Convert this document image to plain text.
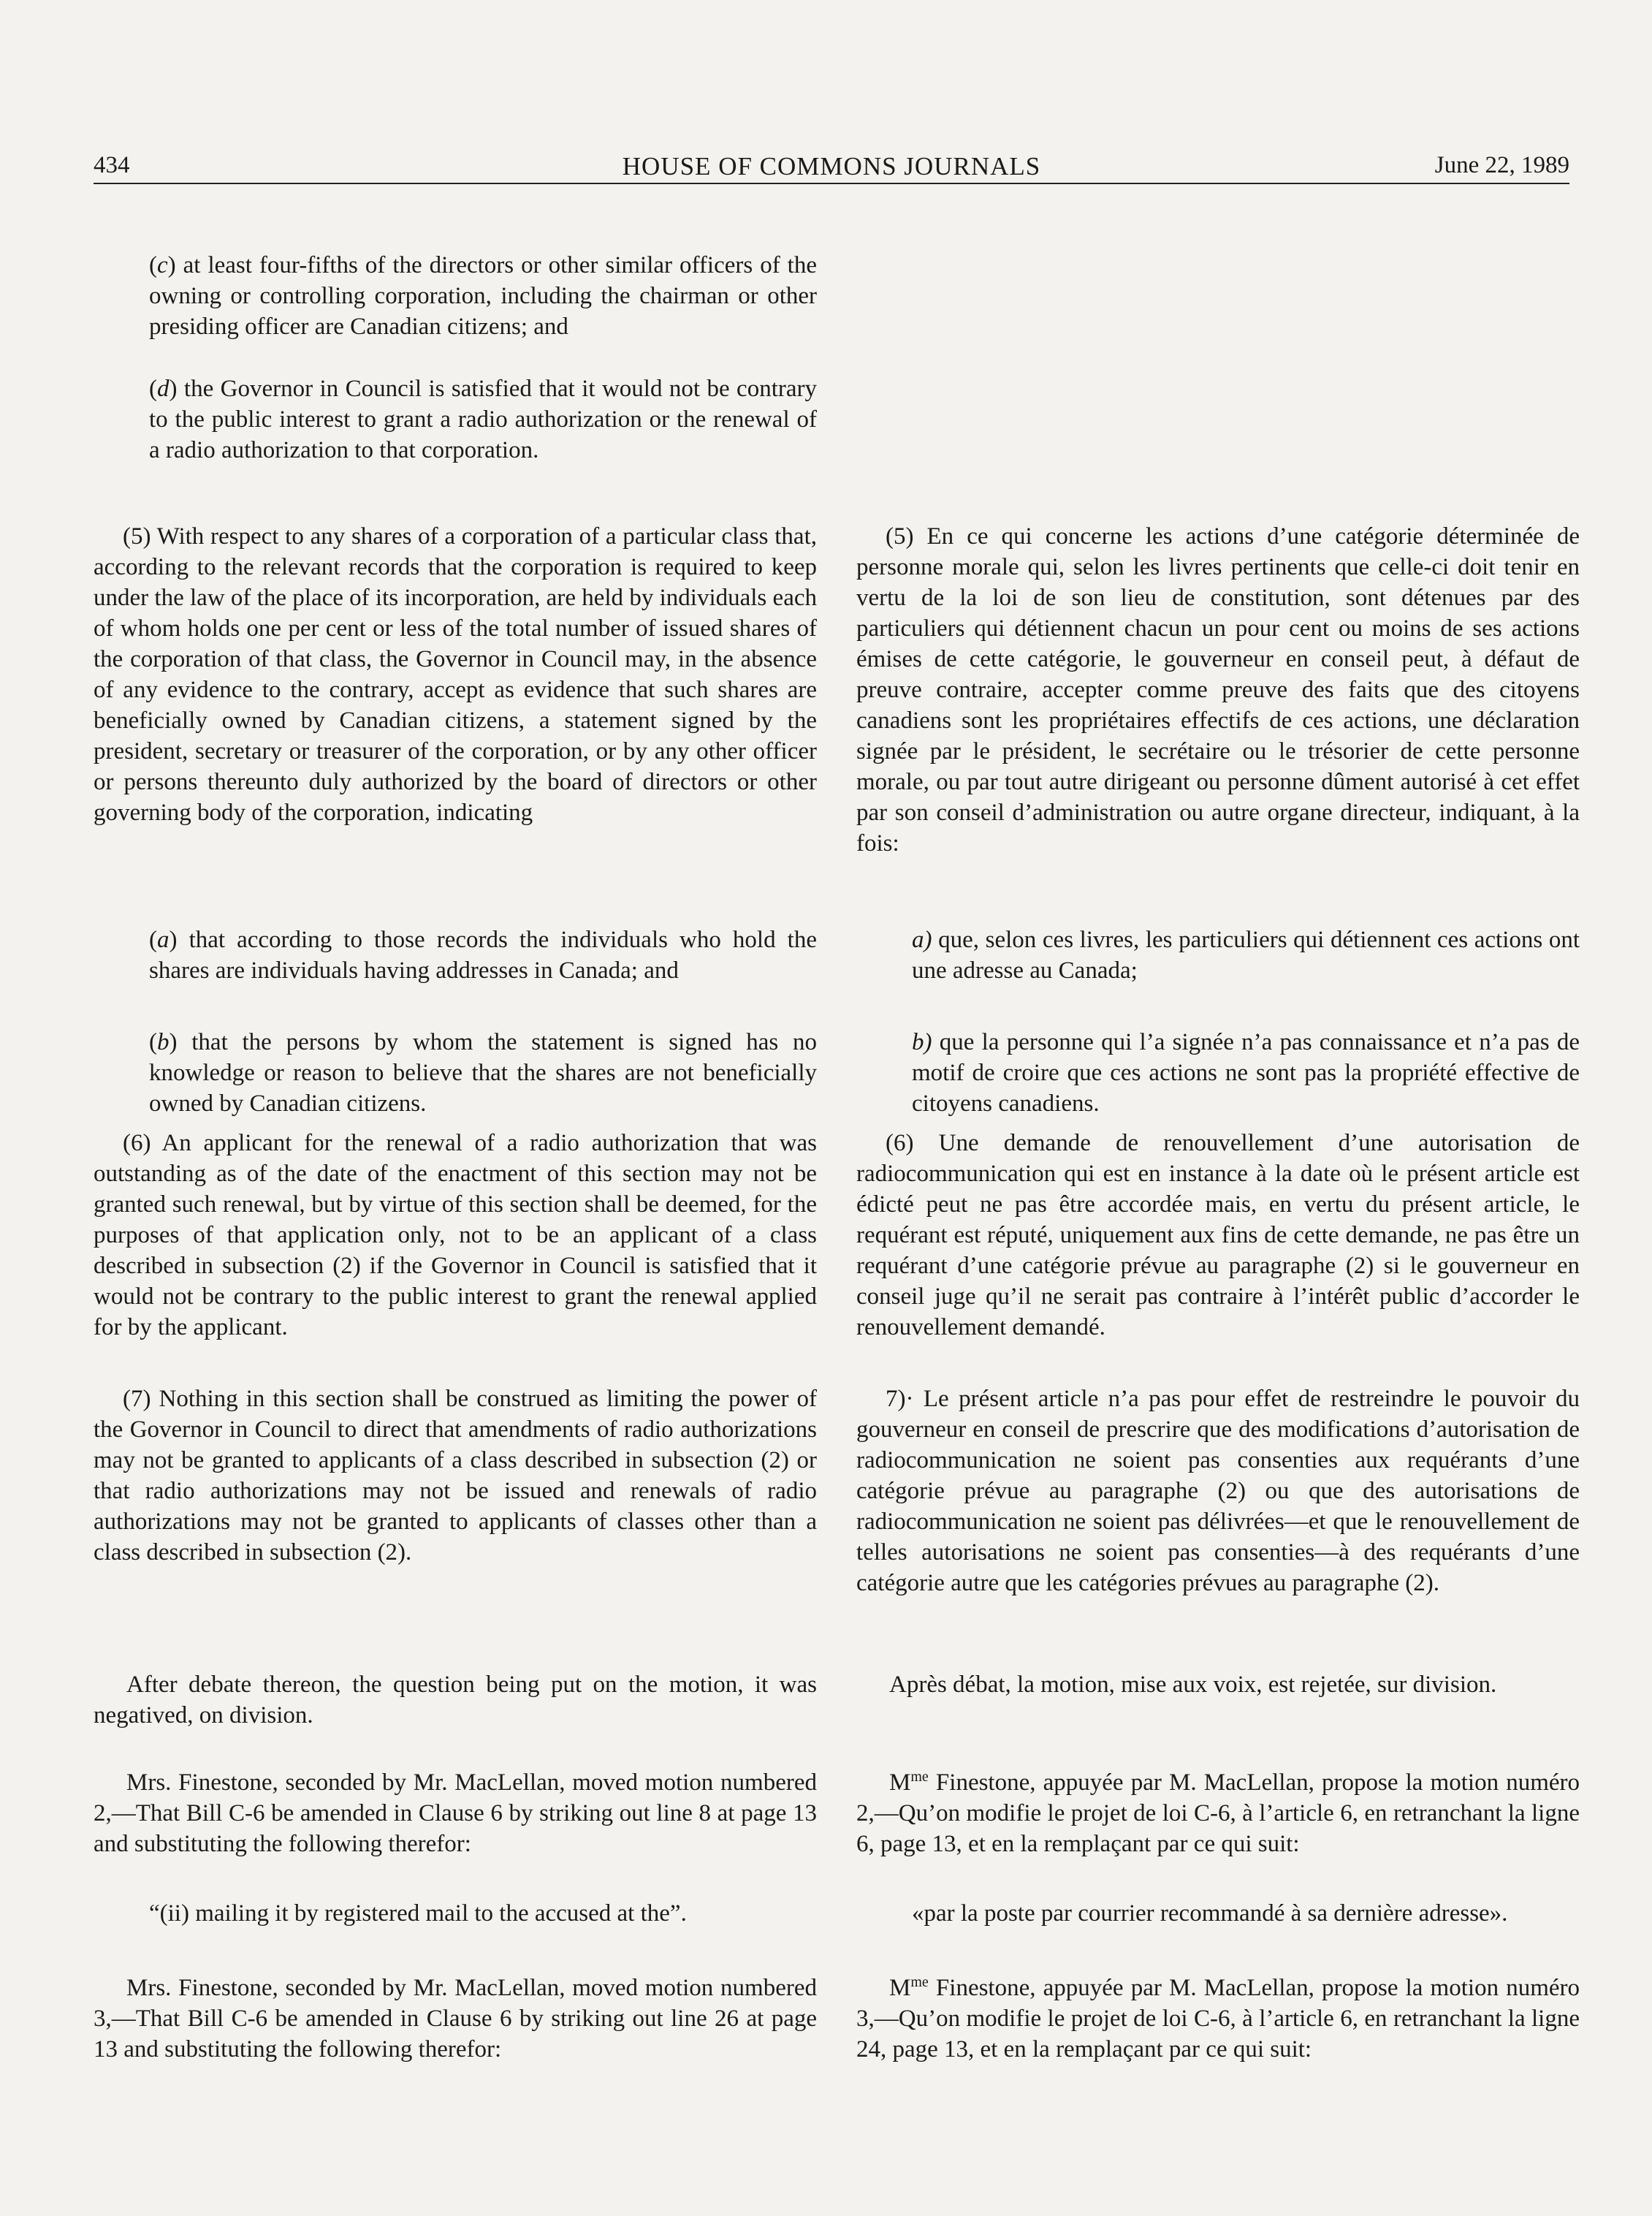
434	HOUSE OF COMMONS JOURNALS	June 22, 1989

(c) at least four-fifths of the directors or other similar officers of the owning or controlling corporation, including the chairman or other presiding officer are Canadian citizens; and

(d) the Governor in Council is satisfied that it would not be contrary to the public interest to grant a radio authorization or the renewal of a radio authorization to that corporation.

(5) With respect to any shares of a corporation of a particular class that, according to the relevant records that the corporation is required to keep under the law of the place of its incorporation, are held by individuals each of whom holds one per cent or less of the total number of issued shares of the corporation of that class, the Governor in Council may, in the absence of any evidence to the contrary, accept as evidence that such shares are beneficially owned by Canadian citizens, a statement signed by the president, secretary or treasurer of the corporation, or by any other officer or persons thereunto duly authorized by the board of directors or other governing body of the corporation, indicating

(a) that according to those records the individuals who hold the shares are individuals having addresses in Canada; and

(b) that the persons by whom the statement is signed has no knowledge or reason to believe that the shares are not beneficially owned by Canadian citizens.

(6) An applicant for the renewal of a radio authorization that was outstanding as of the date of the enactment of this section may not be granted such renewal, but by virtue of this section shall be deemed, for the purposes of that application only, not to be an applicant of a class described in subsection (2) if the Governor in Council is satisfied that it would not be contrary to the public interest to grant the renewal applied for by the applicant.

(7) Nothing in this section shall be construed as limiting the power of the Governor in Council to direct that amendments of radio authorizations may not be granted to applicants of a class described in subsection (2) or that radio authorizations may not be issued and renewals of radio authorizations may not be granted to applicants of classes other than a class described in subsection (2).

After debate thereon, the question being put on the motion, it was negatived, on division.

Mrs. Finestone, seconded by Mr. MacLellan, moved motion numbered 2,—That Bill C-6 be amended in Clause 6 by striking out line 8 at page 13 and substituting the following therefor:

“(ii) mailing it by registered mail to the accused at the”.

Mrs. Finestone, seconded by Mr. MacLellan, moved motion numbered 3,—That Bill C-6 be amended in Clause 6 by striking out line 26 at page 13 and substituting the following therefor:

(5) En ce qui concerne les actions d’une catégorie déterminée de personne morale qui, selon les livres pertinents que celle-ci doit tenir en vertu de la loi de son lieu de constitution, sont détenues par des particuliers qui détiennent chacun un pour cent ou moins de ses actions émises de cette catégorie, le gouverneur en conseil peut, à défaut de preuve contraire, accepter comme preuve des faits que des citoyens canadiens sont les propriétaires effectifs de ces actions, une déclaration signée par le président, le secrétaire ou le trésorier de cette personne morale, ou par tout autre dirigeant ou personne dûment autorisé à cet effet par son conseil d’administration ou autre organe directeur, indiquant, à la fois:

a) que, selon ces livres, les particuliers qui détiennent ces actions ont une adresse au Canada;

b) que la personne qui l’a signée n’a pas connaissance et n’a pas de motif de croire que ces actions ne sont pas la propriété effective de citoyens canadiens.

(6) Une demande de renouvellement d’une autorisation de radiocommunication qui est en instance à la date où le présent article est édicté peut ne pas être accordée mais, en vertu du présent article, le requérant est réputé, uniquement aux fins de cette demande, ne pas être un requérant d’une catégorie prévue au paragraphe (2) si le gouverneur en conseil juge qu’il ne serait pas contraire à l’intérêt public d’accorder le renouvellement demandé.

7)· Le présent article n’a pas pour effet de restreindre le pouvoir du gouverneur en conseil de prescrire que des modifications d’autorisation de radiocommunication ne soient pas consenties aux requérants d’une catégorie prévue au paragraphe (2) ou que des autorisations de radiocommunication ne soient pas délivrées—et que le renouvellement de telles autorisations ne soient pas consenties—à des requérants d’une catégorie autre que les catégories prévues au paragraphe (2).

Après débat, la motion, mise aux voix, est rejetée, sur division.

$M^{me}$ Finestone, appuyée par M. MacLellan, propose la motion numéro 2,—Qu’on modifie le projet de loi C-6, à l’article 6, en retranchant la ligne 6, page 13, et en la remplaçant par ce qui suit:

«par la poste par courrier recommandé à sa dernière adresse».

$M^{me}$ Finestone, appuyée par M. MacLellan, propose la motion numéro 3,—Qu’on modifie le projet de loi C-6, à l’article 6, en retranchant la ligne 24, page 13, et en la remplaçant par ce qui suit:
